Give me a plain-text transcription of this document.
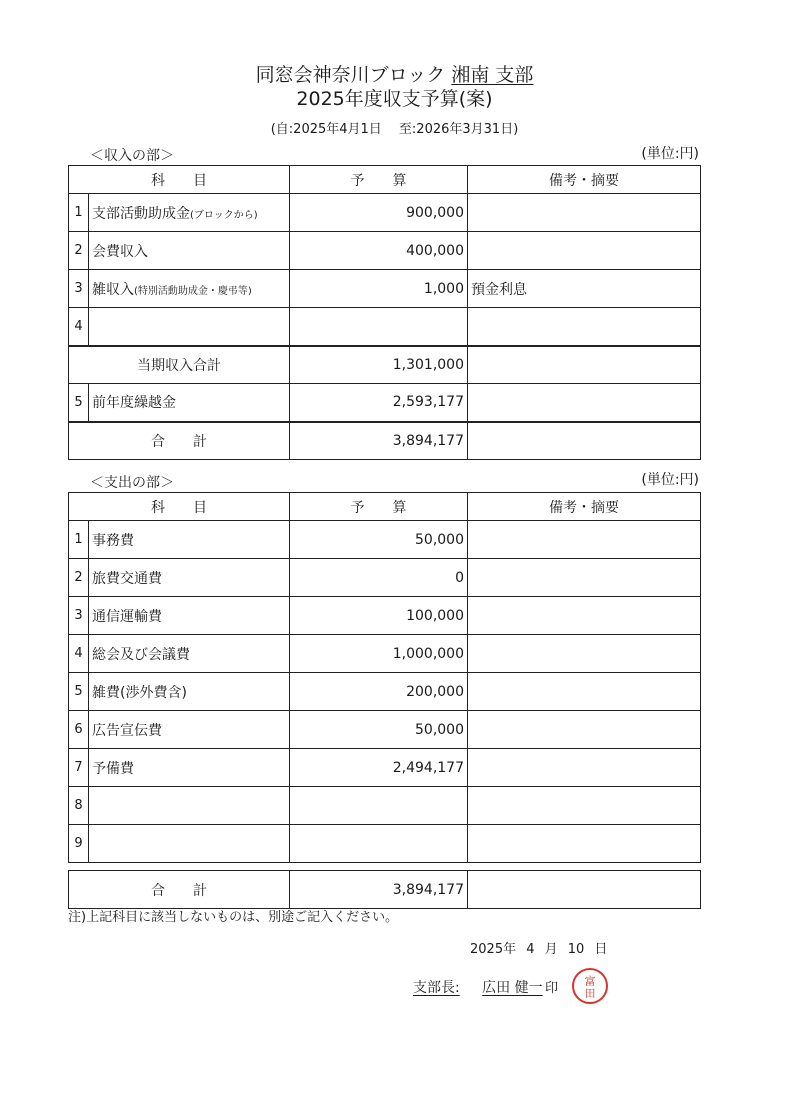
同窓会神奈川ブロック 湘南 支部
2025年度収支予算(案)
(自:2025年4月1日　 至:2026年3月31日)
＜収入の部＞	(単位:円)
科　　目		予　　算	備考・摘要
1	支部活動助成金(ブロックから)	900,000	
2	会費収入	400,000	
3	雑収入(特別活動助成金・慶弔等)	1,000	預金利息
4			
当期収入合計		1,301,000	
5	前年度繰越金	2,593,177	
合　　計		3,894,177	
＜支出の部＞	(単位:円)
科　　目		予　　算	備考・摘要
1	事務費	50,000	
2	旅費交通費	0	
3	通信運輸費	100,000	
4	総会及び会議費	1,000,000	
5	雑費(渉外費含)	200,000	
6	広告宣伝費	50,000	
7	予備費	2,494,177	
8			
9			
合　　計	3,894,177	
注)上記科目に該当しないものは、別途ご記入ください。
2025年 4 月 10 日
支部長: 広田 健一 印 富
田
